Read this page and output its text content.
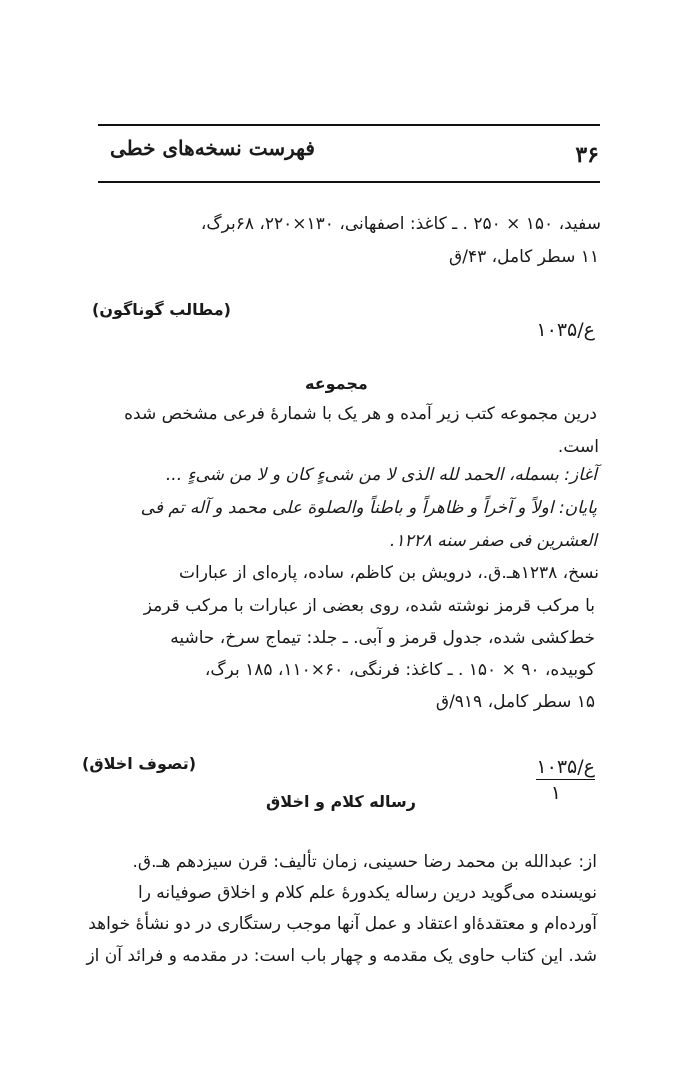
۳۶
فهرست نسخه‌های خطی
سفید، ۱۵۰ × ۲۵۰ . ـ کاغذ: اصفهانی، ۱۳۰×۲۲۰، ۶۸برگ،
۱۱ سطر کامل، ۴۳/ق
(مطالب گوناگون)
ع/۱۰۳۵
مجموعه
درین مجموعه کتب زیر آمده و هر یک با شماره‌ٔ فرعی مشخص شده
است.
آغاز: بسمله، الحمد لله الذی لا من شیءٍ کان و لا من شیءٍ ...
پایان: اولاً و آخراً و ظاهراً و باطناً والصلوة علی محمد و آله تم فی
العشرین فی صفر سنه ۱۲۲۸.
نسخ، ۱۲۳۸هـ.ق.، درویش بن کاظم، ساده، پاره‌ای از عبارات
با مرکب قرمز نوشته شده، روی بعضی از عبارات با مرکب قرمز
خط‌کشی شده، جدول قرمز و آبی. ـ جلد: تیماج سرخ، حاشیه
کوبیده، ۹۰ × ۱۵۰ . ـ کاغذ: فرنگی، ۶۰×۱۱۰، ۱۸۵ برگ،
۱۵ سطر کامل، ۹۱۹/ق
(تصوف اخلاق)	ع/۱۰۳۵
۱
رساله کلام و اخلاق
از: عبدالله بن محمد رضا حسینی، زمان تألیف: قرن سیزدهم هـ.ق.
نویسنده می‌گوید درین رساله یکدوره‌ٔ علم کلام و اخلاق صوفیانه را
آورده‌ام و معتقده‌ٔاو اعتقاد و عمل آنها موجب رستگاری در دو نشأهٔ خواهد
شد. این کتاب حاوی یک مقدمه و چهار باب است: در مقدمه و فرائد آن از
